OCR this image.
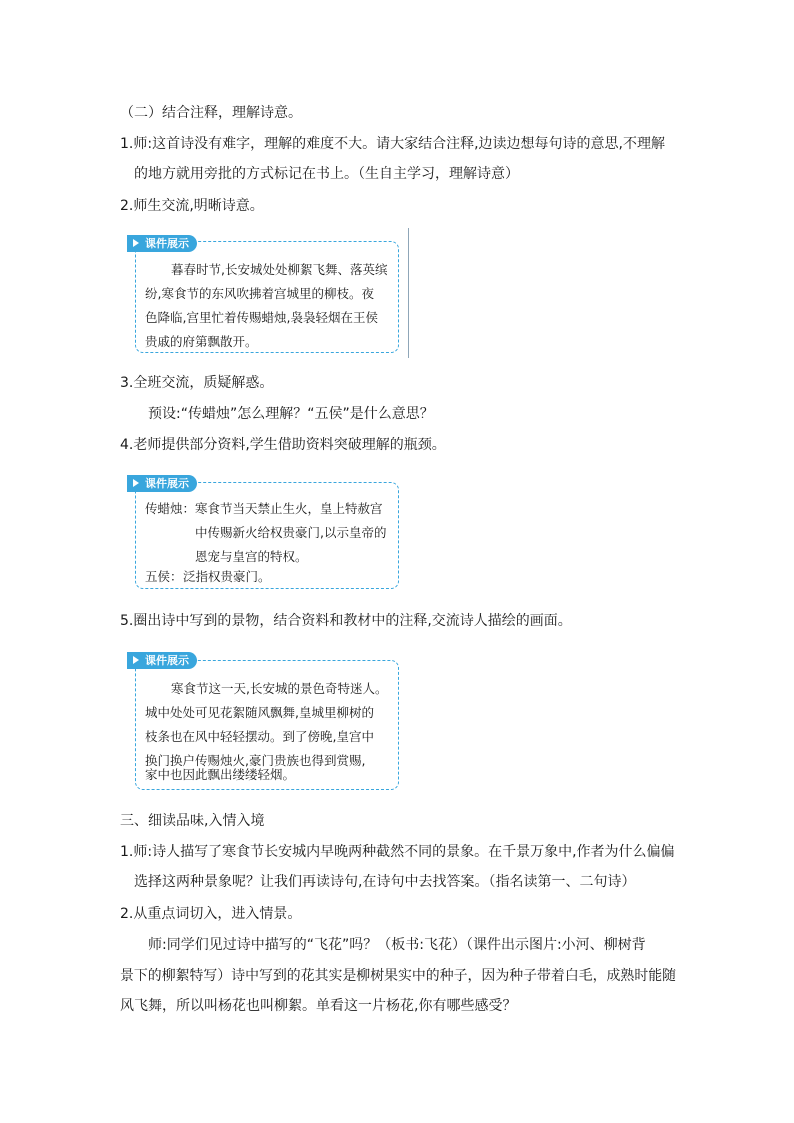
（二）结合注释，理解诗意。
1.师:这首诗没有难字，理解的难度不大。请大家结合注释,边读边想每句诗的意思,不理解
的地方就用旁批的方式标记在书上。（生自主学习，理解诗意）
2.师生交流,明晰诗意。
课件展示
暮春时节,长安城处处柳絮飞舞、落英缤
纷,寒食节的东风吹拂着宫城里的柳枝。夜
色降临,宫里忙着传赐蜡烛,袅袅轻烟在王侯
贵戚的府第飘散开。
3.全班交流，质疑解惑。
预设:“传蜡烛”怎么理解？“五侯”是什么意思？
4.老师提供部分资料,学生借助资料突破理解的瓶颈。
课件展示
传蜡烛： 寒食节当天禁止生火，皇上特赦宫
中传赐新火给权贵豪门,以示皇帝的
恩宠与皇宫的特权。
五侯： 泛指权贵豪门。
5.圈出诗中写到的景物，结合资料和教材中的注释,交流诗人描绘的画面。
课件展示
寒食节这一天,长安城的景色奇特迷人。
城中处处可见花絮随风飘舞,皇城里柳树的
枝条也在风中轻轻摆动。到了傍晚,皇宫中
换门换户传赐烛火,豪门贵族也得到赏赐,
家中也因此飘出缕缕轻烟。
三、细读品味,入情入境
1.师:诗人描写了寒食节长安城内早晚两种截然不同的景象。在千景万象中,作者为什么偏偏
选择这两种景象呢？让我们再读诗句,在诗句中去找答案。（指名读第一、二句诗）
2.从重点词切入，进入情景。
师:同学们见过诗中描写的“飞花”吗？（板书:飞花）（课件出示图片:小河、柳树背
景下的柳絮特写）诗中写到的花其实是柳树果实中的种子，因为种子带着白毛，成熟时能随
风飞舞，所以叫杨花也叫柳絮。单看这一片杨花,你有哪些感受？
